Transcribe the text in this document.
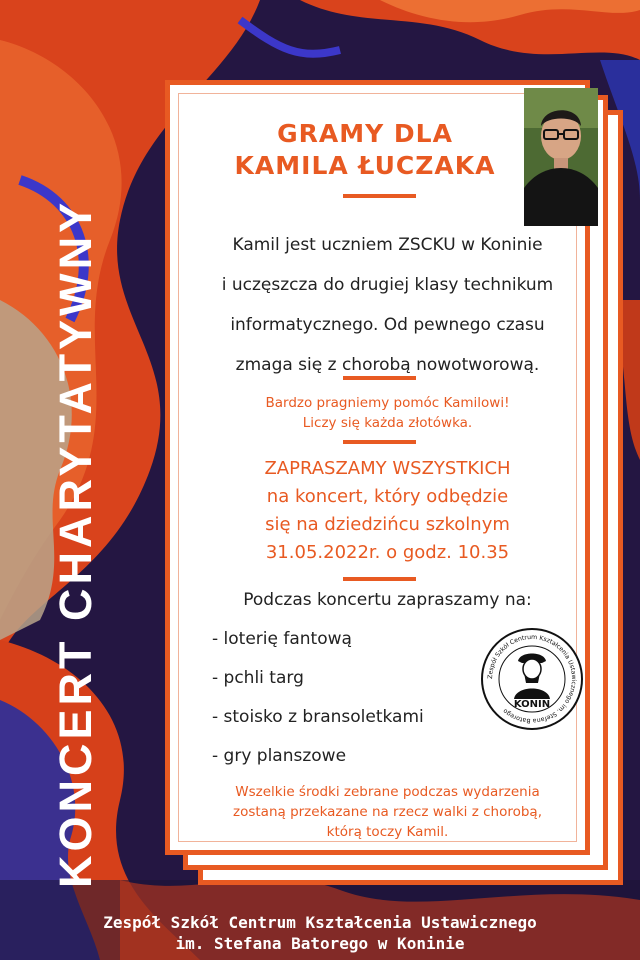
KONCERT CHARYTATYWNY
GRAMY DLA
KAMILA ŁUCZAKA
Kamil jest uczniem ZSCKU w Koninie
i uczęszcza do drugiej klasy technikum
informatycznego. Od pewnego czasu
zmaga się z chorobą nowotworową.
Bardzo pragniemy pomóc Kamilowi!
Liczy się każda złotówka.
ZAPRASZAMY WSZYSTKICH
na koncert, który odbędzie
się na dziedzińcu szkolnym
31.05.2022r. o godz. 10.35
Podczas koncertu zapraszamy na:
- loterię fantową
- pchli targ
- stoisko z bransoletkami
- gry planszowe
Zespół Szkół Centrum Kształcenia Ustawicznego im. Stefana Batorego
KONIN
Wszelkie środki zebrane podczas wydarzenia
zostaną przekazane na rzecz walki z chorobą,
którą toczy Kamil.
Zespół Szkół Centrum Kształcenia Ustawicznego
im. Stefana Batorego w Koninie
